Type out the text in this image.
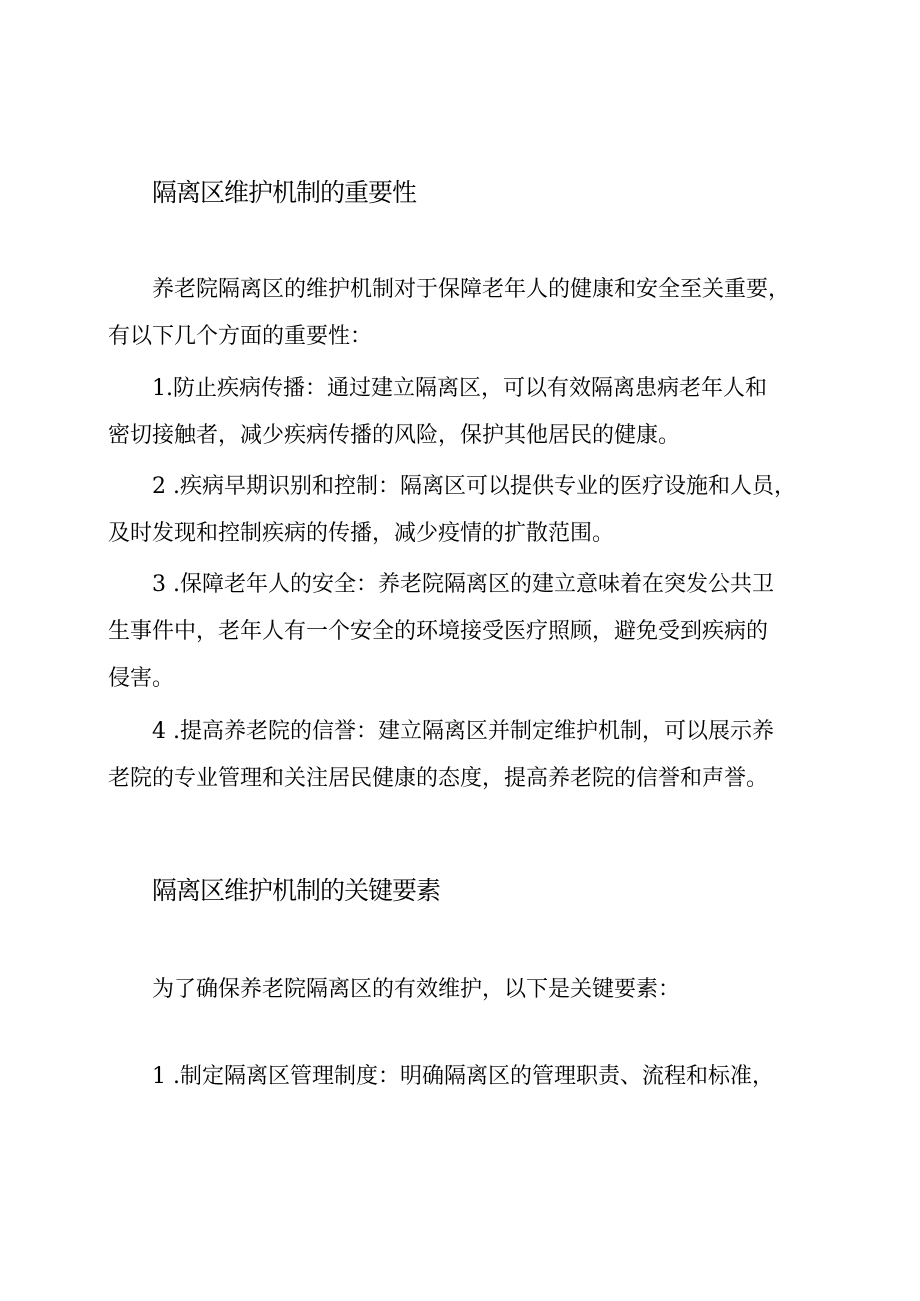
隔离区维护机制的重要性

养老院隔离区的维护机制对于保障老年人的健康和安全至关重要，
有以下几个方面的重要性：

1.防止疾病传播：通过建立隔离区，可以有效隔离患病老年人和
密切接触者，减少疾病传播的风险，保护其他居民的健康。

2 .疾病早期识别和控制：隔离区可以提供专业的医疗设施和人员，
及时发现和控制疾病的传播，减少疫情的扩散范围。

3 .保障老年人的安全：养老院隔离区的建立意味着在突发公共卫
生事件中，老年人有一个安全的环境接受医疗照顾，避免受到疾病的
侵害。

4 .提高养老院的信誉：建立隔离区并制定维护机制，可以展示养
老院的专业管理和关注居民健康的态度，提高养老院的信誉和声誉。

隔离区维护机制的关键要素

为了确保养老院隔离区的有效维护，以下是关键要素：

1 .制定隔离区管理制度：明确隔离区的管理职责、流程和标准，
